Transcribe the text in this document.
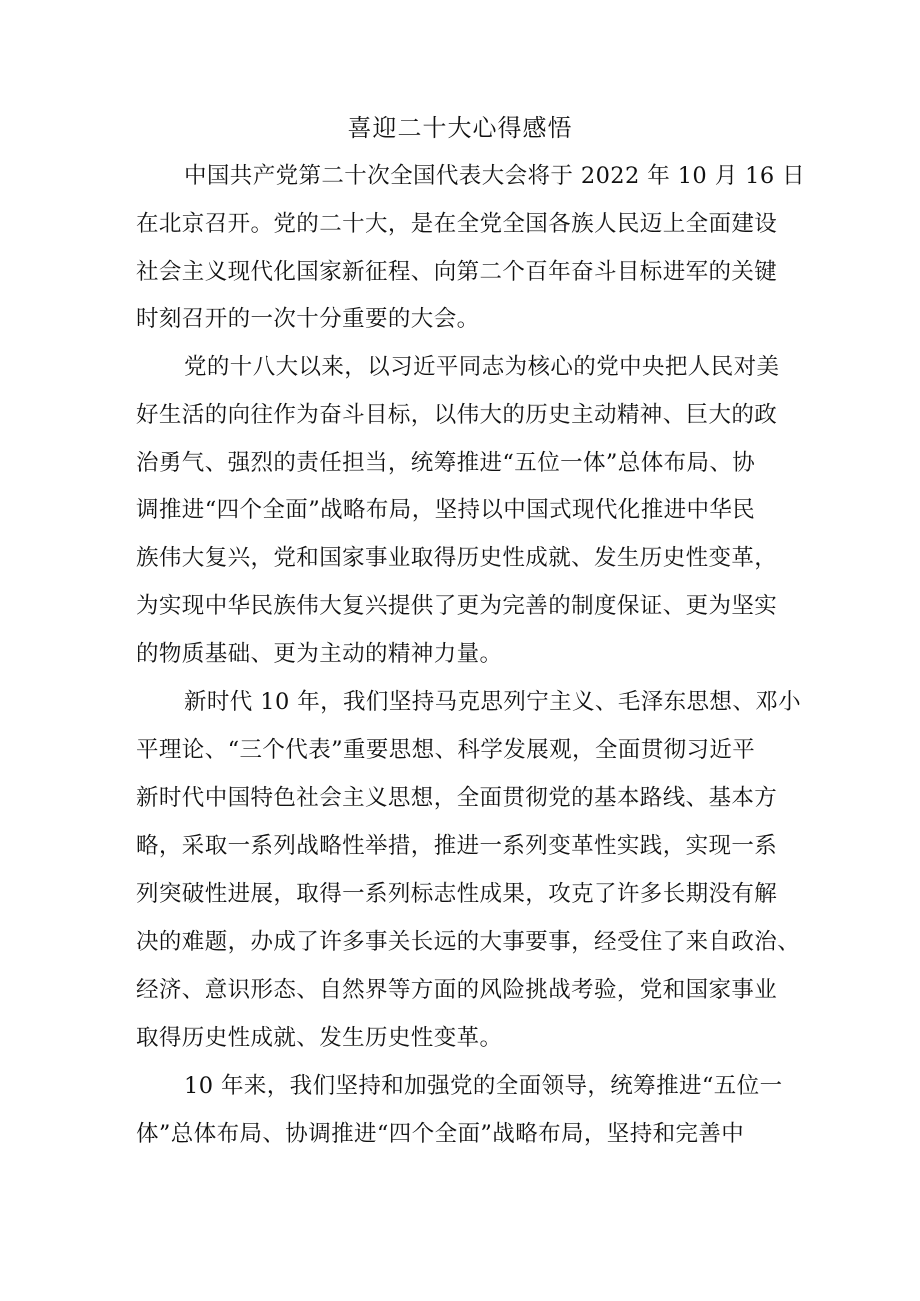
喜迎二十大心得感悟
中国共产党第二十次全国代表大会将于 2022 年 10 月 16 日
在北京召开。党的二十大，是在全党全国各族人民迈上全面建设
社会主义现代化国家新征程、向第二个百年奋斗目标进军的关键
时刻召开的一次十分重要的大会。
党的十八大以来，以习近平同志为核心的党中央把人民对美
好生活的向往作为奋斗目标，以伟大的历史主动精神、巨大的政
治勇气、强烈的责任担当，统筹推进“五位一体”总体布局、协
调推进“四个全面”战略布局，坚持以中国式现代化推进中华民
族伟大复兴，党和国家事业取得历史性成就、发生历史性变革，
为实现中华民族伟大复兴提供了更为完善的制度保证、更为坚实
的物质基础、更为主动的精神力量。
新时代 10 年，我们坚持马克思列宁主义、毛泽东思想、邓小
平理论、“三个代表”重要思想、科学发展观，全面贯彻习近平
新时代中国特色社会主义思想，全面贯彻党的基本路线、基本方
略，采取一系列战略性举措，推进一系列变革性实践，实现一系
列突破性进展，取得一系列标志性成果，攻克了许多长期没有解
决的难题，办成了许多事关长远的大事要事，经受住了来自政治、
经济、意识形态、自然界等方面的风险挑战考验，党和国家事业
取得历史性成就、发生历史性变革。
10 年来，我们坚持和加强党的全面领导，统筹推进“五位一
体”总体布局、协调推进“四个全面”战略布局，坚持和完善中
